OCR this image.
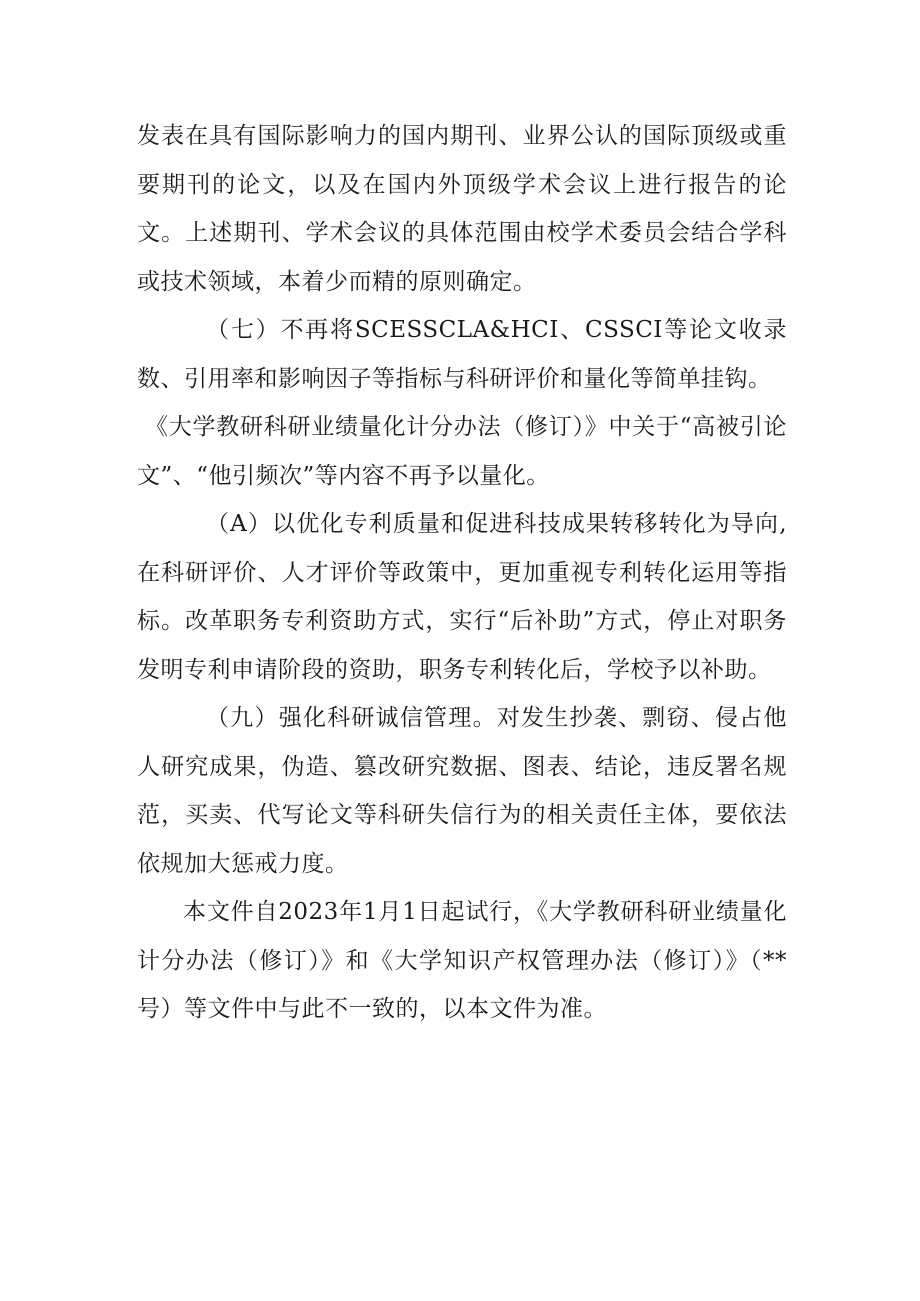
发表在具有国际影响力的国内期刊、业界公认的国际顶级或重要期刊的论文，以及在国内外顶级学术会议上进行报告的论文。上述期刊、学术会议的具体范围由校学术委员会结合学科或技术领域，本着少而精的原则确定。

（七）不再将SCESSCLA&HCI、CSSCI等论文收录数、引用率和影响因子等指标与科研评价和量化等简单挂钩。

《大学教研科研业绩量化计分办法（修订）》中关于“高被引论文”、“他引频次”等内容不再予以量化。

（A）以优化专利质量和促进科技成果转移转化为导向,在科研评价、人才评价等政策中，更加重视专利转化运用等指标。改革职务专利资助方式，实行“后补助”方式，停止对职务发明专利申请阶段的资助，职务专利转化后，学校予以补助。

（九）强化科研诚信管理。对发生抄袭、剽窃、侵占他人研究成果，伪造、篡改研究数据、图表、结论，违反署名规范，买卖、代写论文等科研失信行为的相关责任主体，要依法依规加大惩戒力度。

本文件自2023年1月1日起试行，《大学教研科研业绩量化计分办法（修订）》和《大学知识产权管理办法（修订）》（**号）等文件中与此不一致的，以本文件为准。
